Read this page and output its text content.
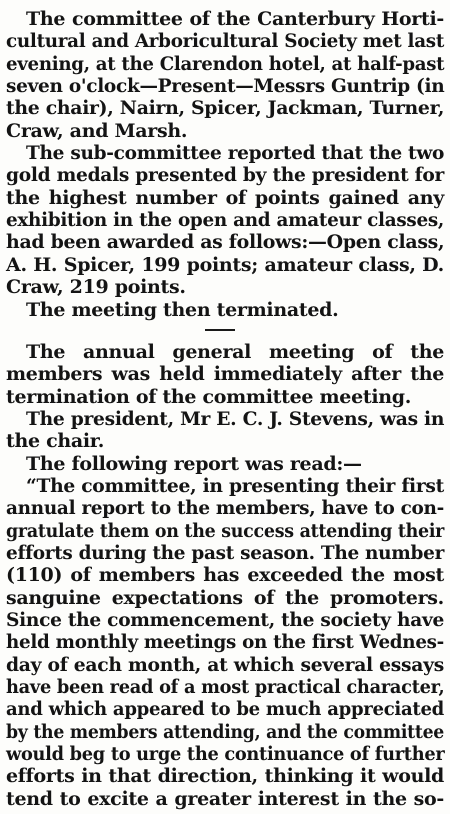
The committee of the Canterbury Horti-
cultural and Arboricultural Society met last
evening, at the Clarendon hotel, at half-past
seven o'clock—Present—Messrs Guntrip (in
the chair), Nairn, Spicer, Jackman, Turner,
Craw, and Marsh.
The sub-committee reported that the two
gold medals presented by the president for
the highest number of points gained any
exhibition in the open and amateur classes,
had been awarded as follows:—Open class,
A. H. Spicer, 199 points; amateur class, D.
Craw, 219 points.
The meeting then terminated.
The annual general meeting of the
members was held immediately after the
termination of the committee meeting.
The president, Mr E. C. J. Stevens, was in
the chair.
The following report was read:—
“The committee, in presenting their first
annual report to the members, have to con-
gratulate them on the success attending their
efforts during the past season. The number
(110) of members has exceeded the most
sanguine expectations of the promoters.
Since the commencement, the society have
held monthly meetings on the first Wednes-
day of each month, at which several essays
have been read of a most practical character,
and which appeared to be much appreciated
by the members attending, and the committee
would beg to urge the continuance of further
efforts in that direction, thinking it would
tend to excite a greater interest in the so-
